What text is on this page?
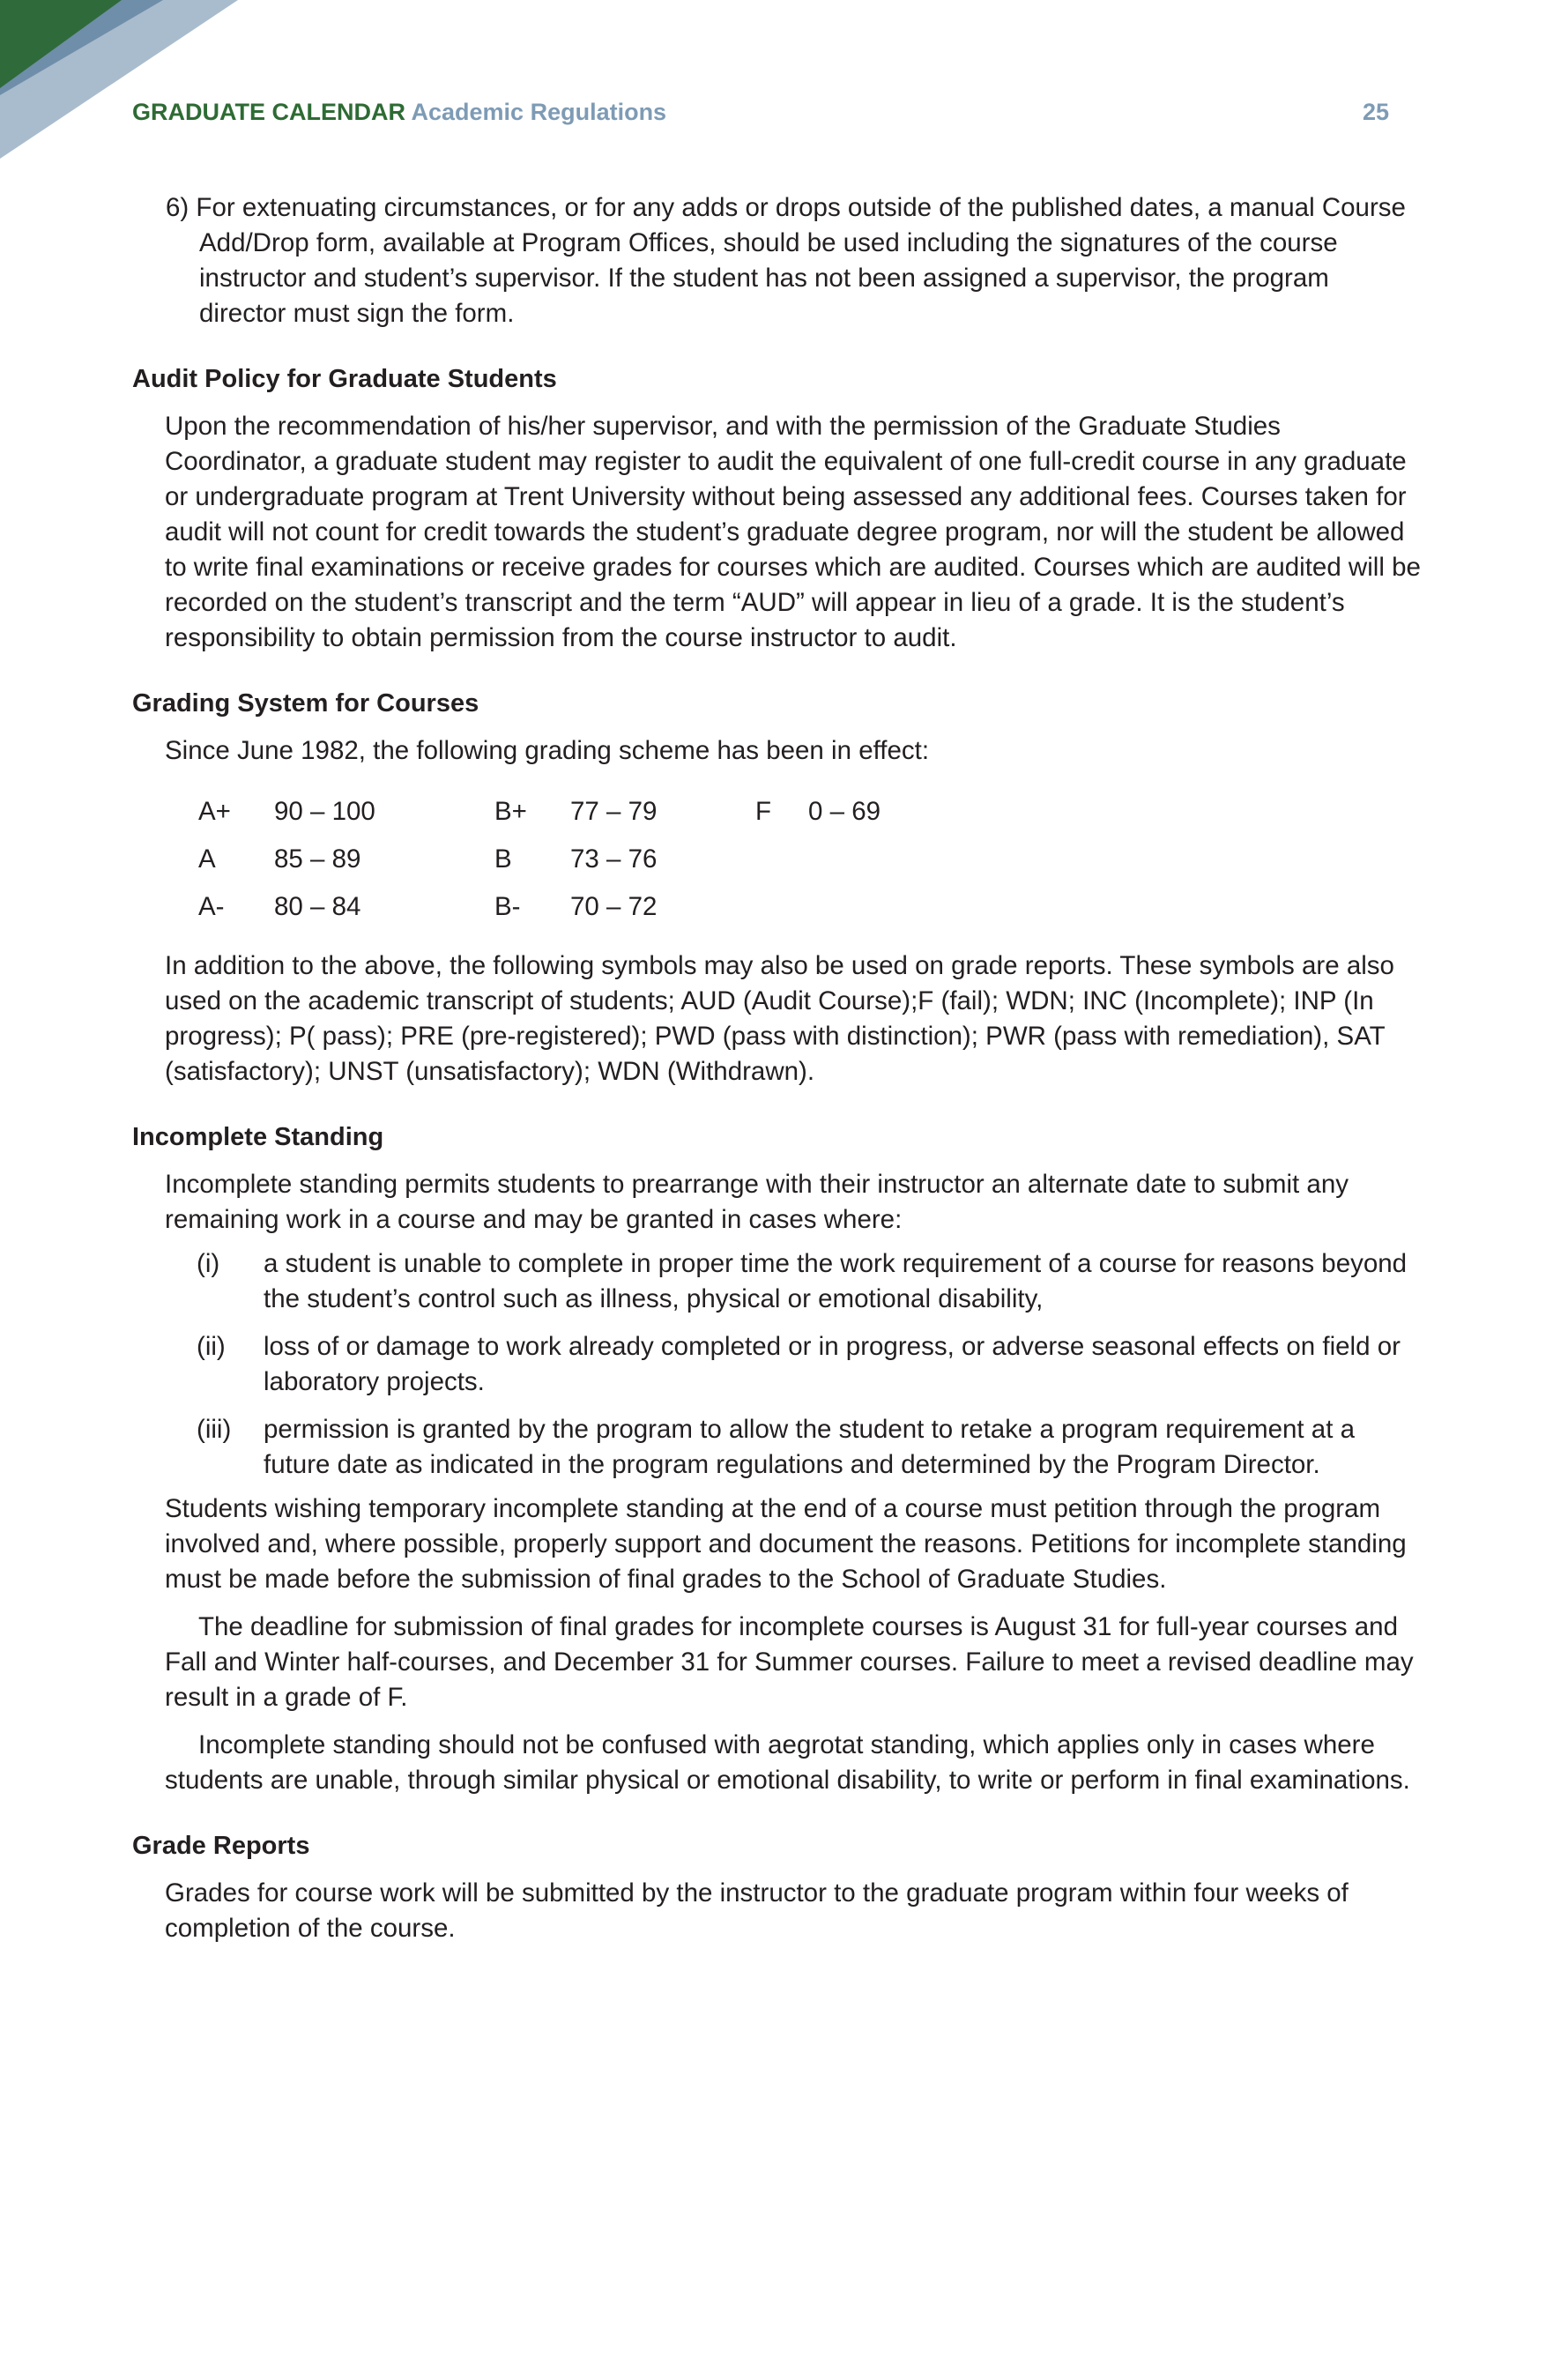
GRADUATE CALENDAR Academic Regulations	25

6) For extenuating circumstances, or for any adds or drops outside of the published dates, a manual Course Add/Drop form, available at Program Offices, should be used including the signatures of the course instructor and student’s supervisor. If the student has not been assigned a supervisor, the program director must sign the form.

Audit Policy for Graduate Students

Upon the recommendation of his/her supervisor, and with the permission of the Graduate Studies Coordinator, a graduate student may register to audit the equivalent of one full-credit course in any graduate or undergraduate program at Trent University without being assessed any additional fees. Courses taken for audit will not count for credit towards the student’s graduate degree program, nor will the student be allowed to write final examinations or receive grades for courses which are audited. Courses which are audited will be recorded on the student’s transcript and the term “AUD” will appear in lieu of a grade. It is the student’s responsibility to obtain permission from the course instructor to audit.

Grading System for Courses

Since June 1982, the following grading scheme has been in effect:

A+	90 – 100	B+	77 – 79	F	0 – 69
A	85 – 89	B	73 – 76		
A-	80 – 84	B-	70 – 72		

In addition to the above, the following symbols may also be used on grade reports. These symbols are also used on the academic transcript of students; AUD (Audit Course);F (fail); WDN; INC (Incomplete); INP (In progress); P( pass); PRE (pre-registered); PWD (pass with distinction); PWR (pass with remediation), SAT (satisfactory); UNST (unsatisfactory); WDN (Withdrawn).

Incomplete Standing

Incomplete standing permits students to prearrange with their instructor an alternate date to submit any remaining work in a course and may be granted in cases where:

(i)	a student is unable to complete in proper time the work requirement of a course for reasons beyond the student’s control such as illness, physical or emotional disability,
(ii)	loss of or damage to work already completed or in progress, or adverse seasonal effects on field or laboratory projects.
(iii)	permission is granted by the program to allow the student to retake a program requirement at a future date as indicated in the program regulations and determined by the Program Director.

Students wishing temporary incomplete standing at the end of a course must petition through the program involved and, where possible, properly support and document the reasons. Petitions for incomplete standing must be made before the submission of final grades to the School of Graduate Studies.

The deadline for submission of final grades for incomplete courses is August 31 for full-year courses and Fall and Winter half-courses, and December 31 for Summer courses. Failure to meet a revised deadline may result in a grade of F.

Incomplete standing should not be confused with aegrotat standing, which applies only in cases where students are unable, through similar physical or emotional disability, to write or perform in final examinations.

Grade Reports

Grades for course work will be submitted by the instructor to the graduate program within four weeks of completion of the course.
